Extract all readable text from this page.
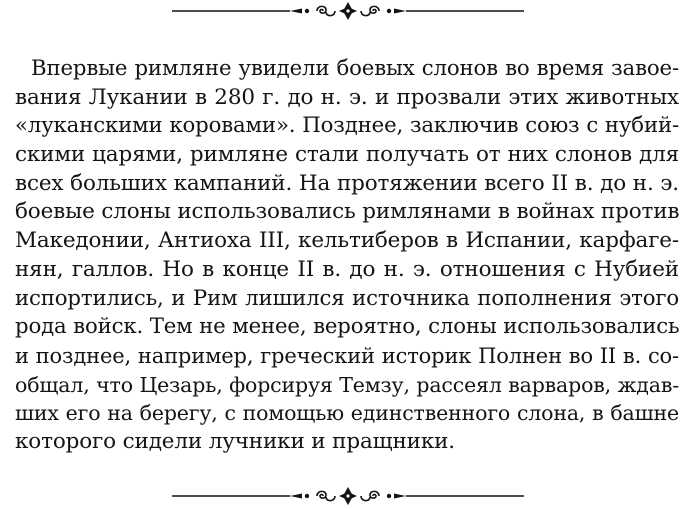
Впервые римляне увидели боевых слонов во время завое-
вания Лукании в 280 г. до н. э. и прозвали этих животных
«луканскими коровами». Позднее, заключив союз с нубий-
скими царями, римляне стали получать от них слонов для
всех больших кампаний. На протяжении всего II в. до н. э.
боевые слоны использовались римлянами в войнах против
Македонии, Антиоха III, кельтиберов в Испании, карфаге-
нян, галлов. Но в конце II в. до н. э. отношения с Нубией
испортились, и Рим лишился источника пополнения этого
рода войск. Тем не менее, вероятно, слоны использовались
и позднее, например, греческий историк Полнен во II в. со-
общал, что Цезарь, форсируя Темзу, рассеял варваров, ждав-
ших его на берегу, с помощью единственного слона, в башне
которого сидели лучники и пращники.
